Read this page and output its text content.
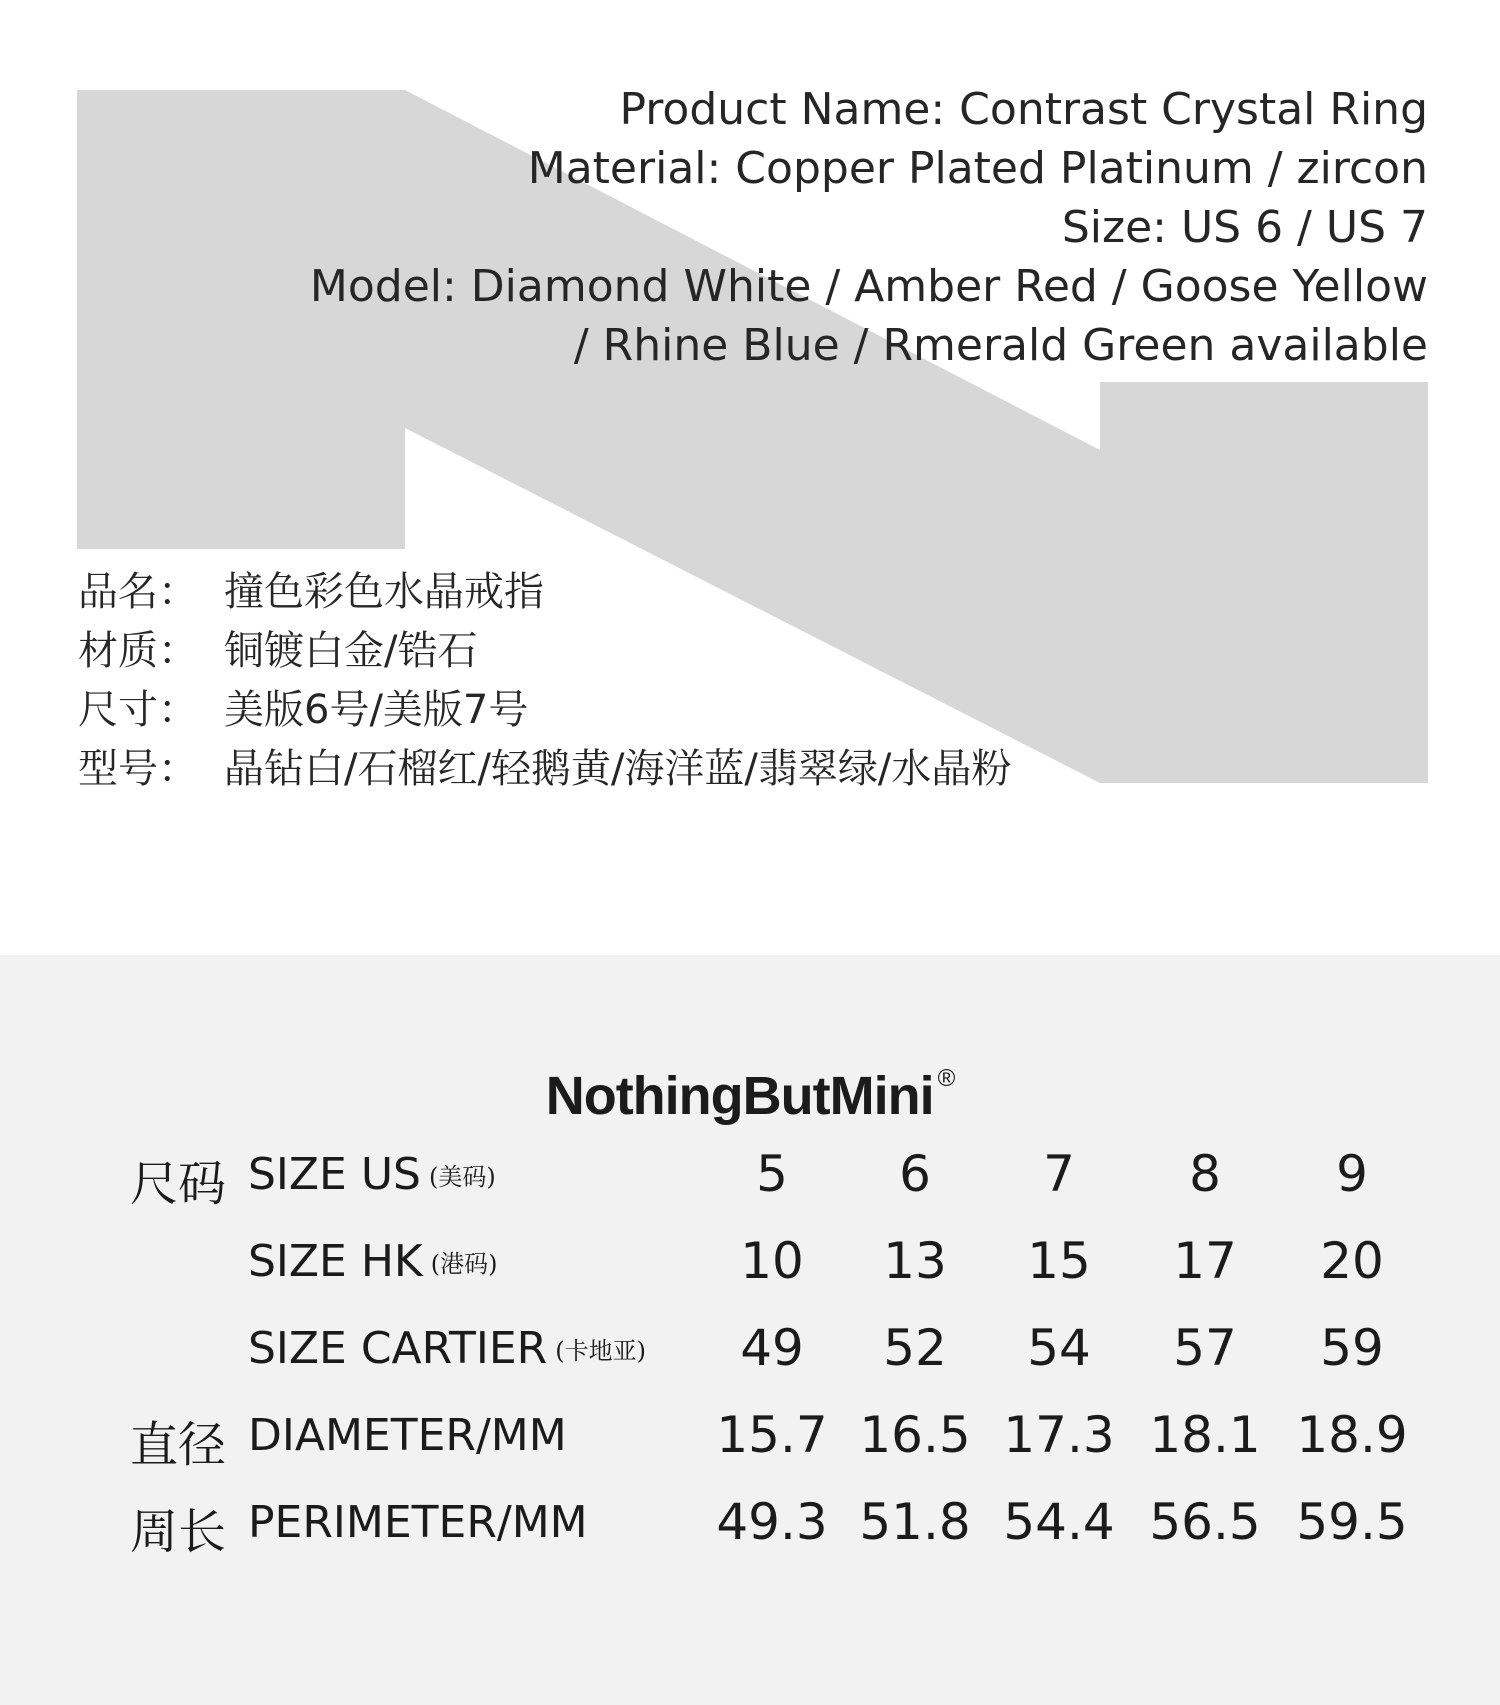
Product Name: Contrast Crystal Ring
Material: Copper Plated Platinum / zircon
Size: US 6 / US 7
Model: Diamond White / Amber Red / Goose Yellow
/ Rhine Blue / Rmerald Green available
品名： 撞色彩色水晶戒指
材质： 铜镀白金/锆石
尺寸： 美版6号/美版7号
型号： 晶钻白/石榴红/轻鹅黄/海洋蓝/翡翠绿/水晶粉
NothingButMini ®
尺码 SIZE US (美码)	5	6	7	8	9
SIZE HK (港码)	10	13	15	17	20
SIZE CARTIER (卡地亚)	49	52	54	57	59
直径 DIAMETER/MM	15.7 16.5 17.3 18.1 18.9
周长 PERIMETER/MM	49.3 51.8 54.4 56.5 59.5
